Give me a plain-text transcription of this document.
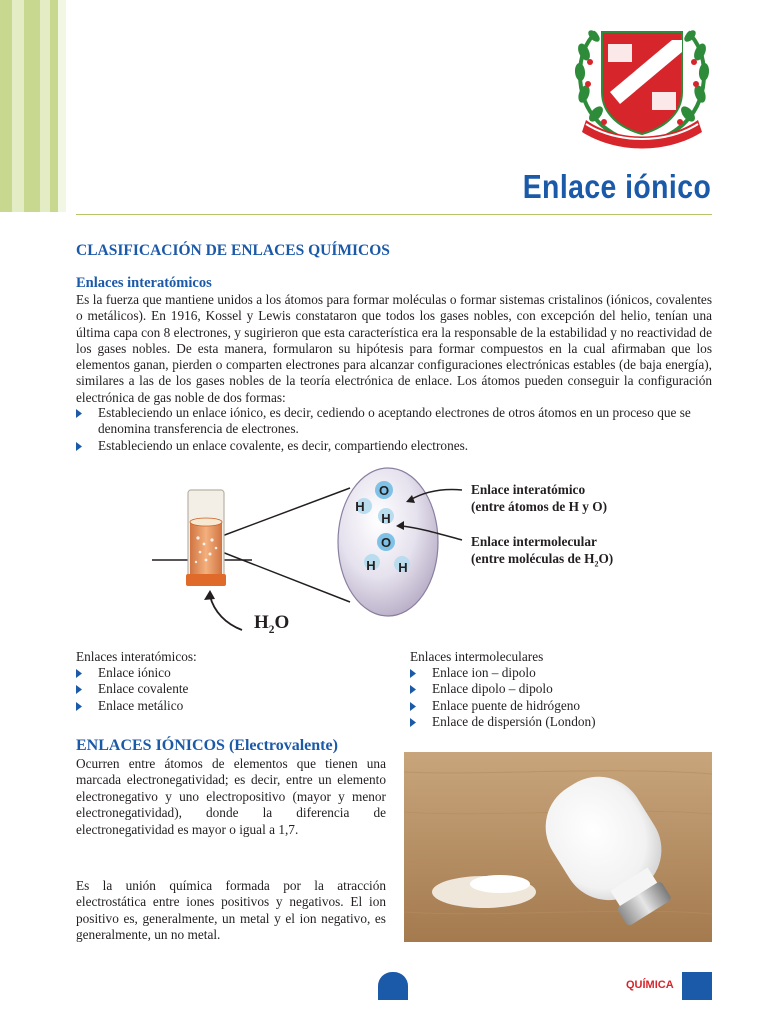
Enlace iónico
CLASIFICACIÓN DE ENLACES QUÍMICOS
Enlaces interatómicos
Es la fuerza que mantiene unidos a los átomos para formar moléculas o formar sistemas cristalinos (iónicos, covalentes o metálicos). En 1916, Kossel y Lewis constataron que todos los gases nobles, con excepción del helio, tenían una última capa con 8 electrones, y sugirieron que esta característica era la responsable de la estabilidad y no reactividad de los gases nobles. De esta manera, formularon su hipótesis para formar compuestos en la cual afirmaban que los elementos ganan, pierden o comparten electrones para alcanzar configuraciones electrónicas estables (de baja energía), similares a las de los gases nobles de la teoría electrónica de enlace. Los átomos pueden conseguir la configuración electrónica de gas noble de dos formas:
Estableciendo un enlace iónico, es decir, cediendo o aceptando electrones de otros átomos en un proceso que se denomina transferencia de electrones.
Estableciendo un enlace covalente, es decir, compartiendo electrones.
O
H
H
O
H H
Enlace interatómico
(entre átomos de H y O)
Enlace intermolecular
(entre moléculas de $H_2O$)
$H_2O$
Enlaces interatómicos:
Enlace iónico
Enlace covalente
Enlace metálico
Enlaces intermoleculares
Enlace ion – dipolo
Enlace dipolo – dipolo
Enlace puente de hidrógeno
Enlace de dispersión (London)
ENLACES IÓNICOS (Electrovalente)
Ocurren entre átomos de elementos que tienen una marcada electronegatividad; es decir, entre un elemento electronegativo y uno electropositivo (mayor y menor electronegatividad), donde la diferencia de electronegatividad es mayor o igual a 1,7.
Es la unión química formada por la atracción electrostática entre iones positivos y negativos. El ion positivo es, generalmente, un metal y el ion negativo, es generalmente, un no metal.
QUÍMICA
